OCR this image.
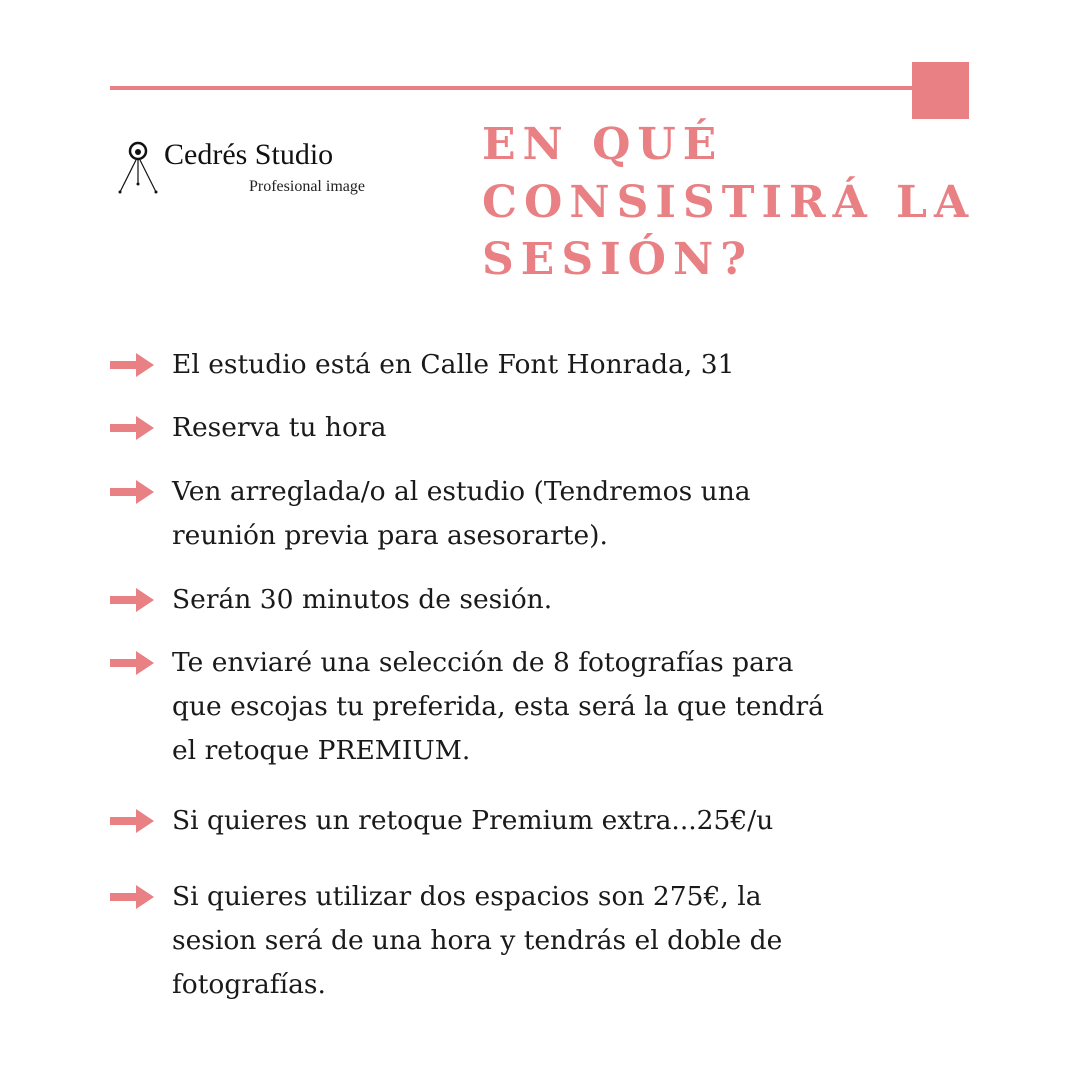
Cedrés Studio
Profesional image
EN QUÉ
CONSISTIRÁ LA
SESIÓN?
El estudio está en Calle Font Honrada, 31
Reserva tu hora
Ven arreglada/o al estudio (Tendremos una
reunión previa para asesorarte).
Serán 30 minutos de sesión.
Te enviaré una selección de 8 fotografías para
que escojas tu preferida, esta será la que tendrá
el retoque PREMIUM.
Si quieres un retoque Premium extra...25€/u
Si quieres utilizar dos espacios son 275€, la
sesion será de una hora y tendrás el doble de
fotografías.
